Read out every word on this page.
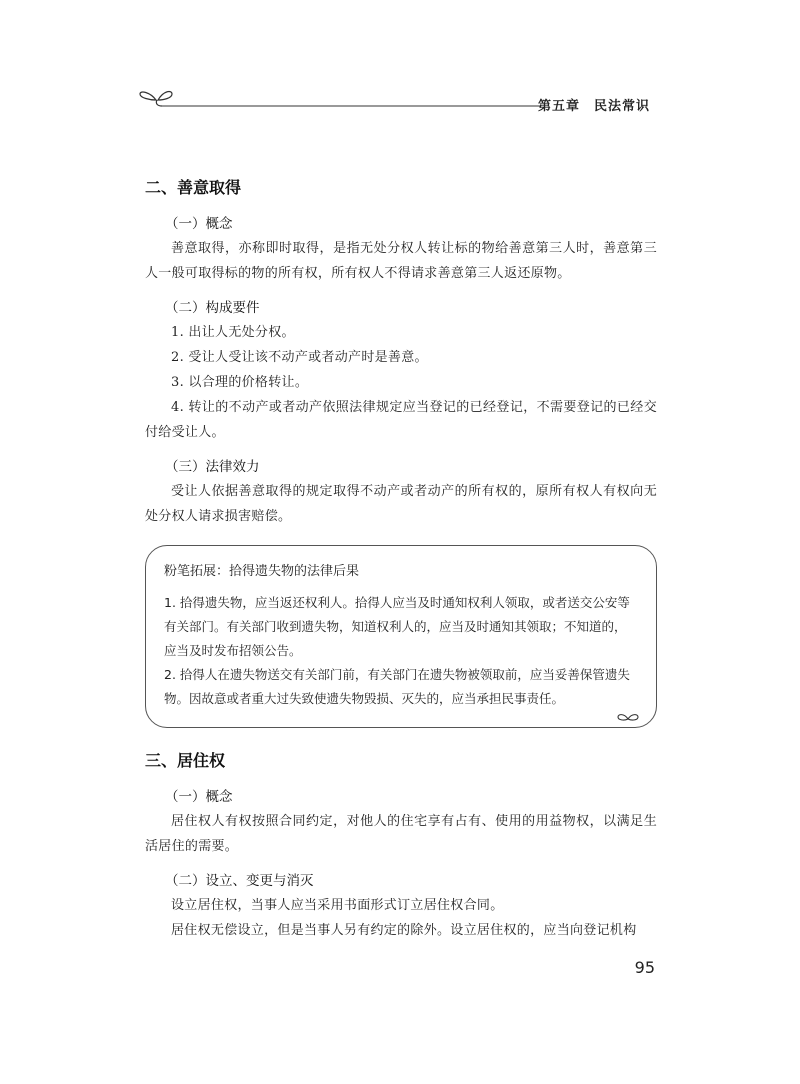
第五章　民法常识
二、善意取得
（一）概念

善意取得，亦称即时取得，是指无处分权人转让标的物给善意第三人时，善意第三人一般可取得标的物的所有权，所有权人不得请求善意第三人返还原物。

（二）构成要件

1. 出让人无处分权。

2. 受让人受让该不动产或者动产时是善意。

3. 以合理的价格转让。

4. 转让的不动产或者动产依照法律规定应当登记的已经登记，不需要登记的已经交付给受让人。

（三）法律效力

受让人依据善意取得的规定取得不动产或者动产的所有权的，原所有权人有权向无处分权人请求损害赔偿。

粉笔拓展：拾得遗失物的法律后果

1. 拾得遗失物，应当返还权利人。拾得人应当及时通知权利人领取，或者送交公安等有关部门。有关部门收到遗失物，知道权利人的，应当及时通知其领取；不知道的，应当及时发布招领公告。

2. 拾得人在遗失物送交有关部门前，有关部门在遗失物被领取前，应当妥善保管遗失物。因故意或者重大过失致使遗失物毁损、灭失的，应当承担民事责任。

三、居住权
（一）概念

居住权人有权按照合同约定，对他人的住宅享有占有、使用的用益物权，以满足生活居住的需要。

（二）设立、变更与消灭

设立居住权，当事人应当采用书面形式订立居住权合同。

居住权无偿设立，但是当事人另有约定的除外。设立居住权的，应当向登记机构

95
